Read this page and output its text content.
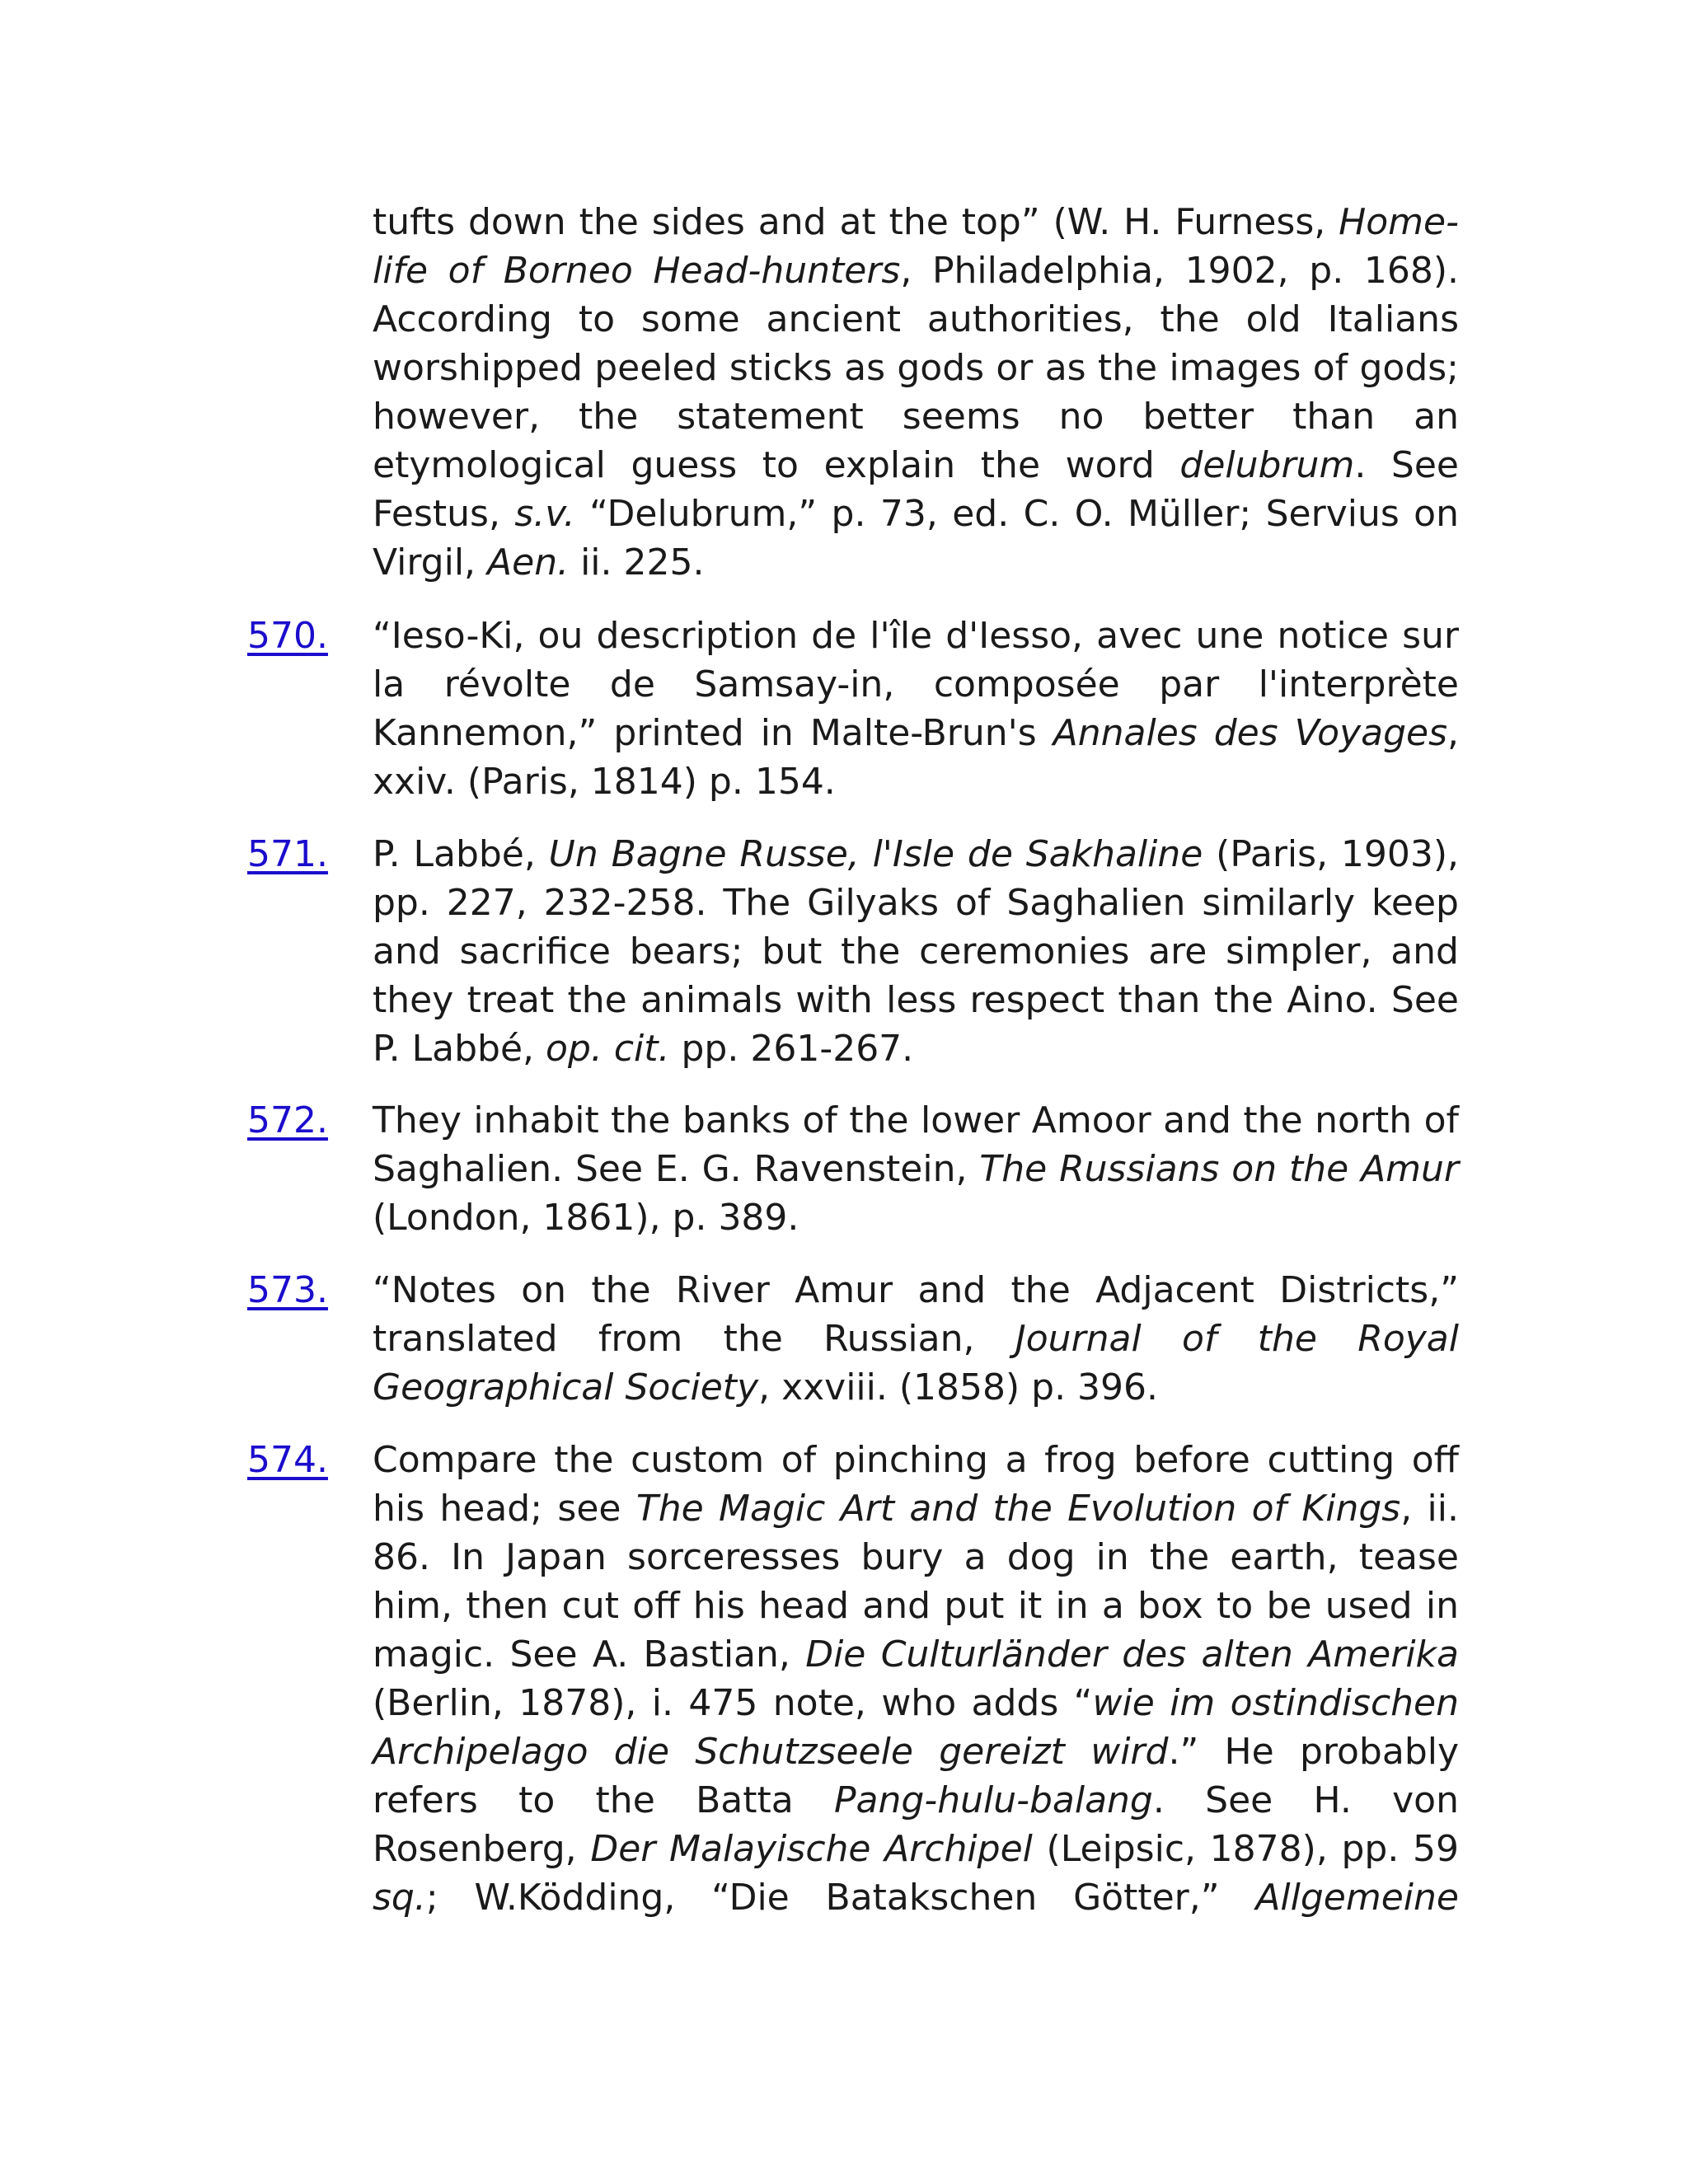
tufts down the sides and at the top” (W. H. Furness, Home-
life of Borneo Head-hunters, Philadelphia, 1902, p. 168).
According to some ancient authorities, the old Italians
worshipped peeled sticks as gods or as the images of gods;
however, the statement seems no better than an
etymological guess to explain the word delubrum. See
Festus, s.v. “Delubrum,” p. 73, ed. C. O. Müller; Servius on
Virgil, Aen. ii. 225.
570. “Ieso-Ki, ou description de l'île d'Iesso, avec une notice sur
la révolte de Samsay-in, composée par l'interprète
Kannemon,” printed in Malte-Brun's Annales des Voyages,
xxiv. (Paris, 1814) p. 154.
571. P. Labbé, Un Bagne Russe, l'Isle de Sakhaline (Paris, 1903),
pp. 227, 232-258. The Gilyaks of Saghalien similarly keep
and sacrifice bears; but the ceremonies are simpler, and
they treat the animals with less respect than the Aino. See
P. Labbé, op. cit. pp. 261-267.
572. They inhabit the banks of the lower Amoor and the north of
Saghalien. See E. G. Ravenstein, The Russians on the Amur
(London, 1861), p. 389.
573. “Notes on the River Amur and the Adjacent Districts,”
translated from the Russian, Journal of the Royal
Geographical Society, xxviii. (1858) p. 396.
574. Compare the custom of pinching a frog before cutting off
his head; see The Magic Art and the Evolution of Kings, ii.
86. In Japan sorceresses bury a dog in the earth, tease
him, then cut off his head and put it in a box to be used in
magic. See A. Bastian, Die Culturländer des alten Amerika
(Berlin, 1878), i. 475 note, who adds “wie im ostindischen
Archipelago die Schutzseele gereizt wird.” He probably
refers to the Batta Pang-hulu-balang. See H. von
Rosenberg, Der Malayische Archipel (Leipsic, 1878), pp. 59
sq.; W.Ködding, “Die Batakschen Götter,” Allgemeine
